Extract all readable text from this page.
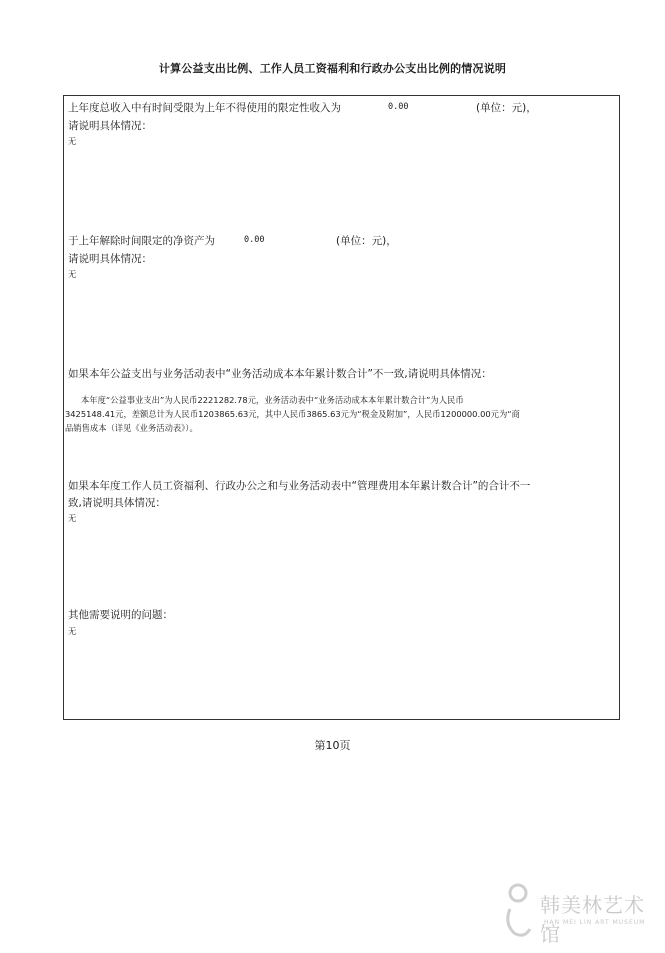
计算公益支出比例、工作人员工资福利和行政办公支出比例的情况说明
上年度总收入中有时间受限为上年不得使用的限定性收入为	0.00	(单位：元)，
请说明具体情况：
无
于上年解除时间限定的净资产为	0.00	(单位：元)，
请说明具体情况：
无
如果本年公益支出与业务活动表中“业务活动成本本年累计数合计”不一致,请说明具体情况：

本年度“公益事业支出”为人民币2221282.78元，业务活动表中“业务活动成本本年累计数合计”为人民币

3425148.41元，差额总计为人民币1203865.63元，其中人民币3865.63元为“税金及附加”，人民币1200000.00元为“商

品销售成本（详见《业务活动表》）。

如果本年度工作人员工资福利、行政办公之和与业务活动表中“管理费用本年累计数合计”的合计不一
致,请说明具体情况：
无
其他需要说明的问题：
无
第10页
韩美林艺术馆
HAN MEI LIN ART MUSEUM
